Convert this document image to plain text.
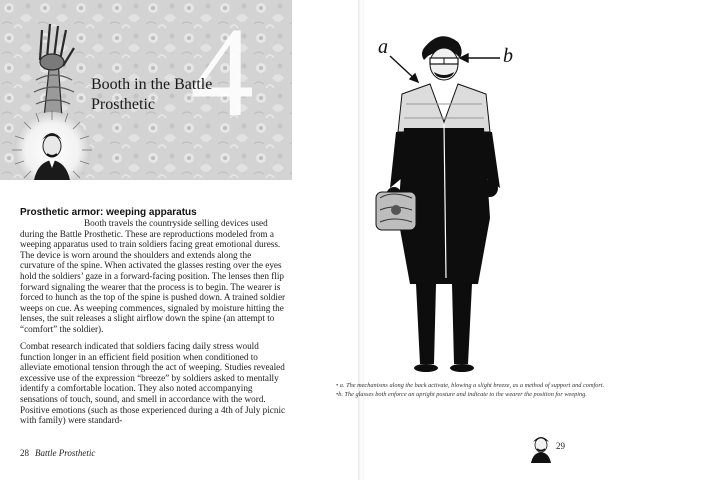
4
Booth in the Battle Prosthetic
Prosthetic armor: weeping apparatus

Booth travels the countryside selling devices used during the Battle Prosthetic. These are reproductions modeled from a weeping apparatus used to train soldiers facing great emotional duress. The device is worn around the shoulders and extends along the curvature of the spine. When activated the glasses resting over the eyes hold the soldiers’ gaze in a forward-facing position. The lenses then flip forward signaling the wearer that the process is to begin. The wearer is forced to hunch as the top of the spine is pushed down. A trained soldier weeps on cue. As weeping commences, signaled by moisture hitting the lenses, the suit releases a slight airflow down the spine (an attempt to “comfort” the soldier).

Combat research indicated that soldiers facing daily stress would function longer in an efficient field position when conditioned to alleviate emotional tension through the act of weeping. Studies revealed excessive use of the expression “breeze” by soldiers asked to mentally identify a comfortable location. They also noted accompanying sensations of touch, sound, and smell in accordance with the word. Positive emotions (such as those experienced during a 4th of July picnic with family) were standard-

28 Battle Prosthetic
a	b

• a. The mechanisms along the back activate, blowing a slight breeze, as a method of support and comfort.

•b. The glasses both enforce an upright posture and indicate to the wearer the position for weeping.

29
